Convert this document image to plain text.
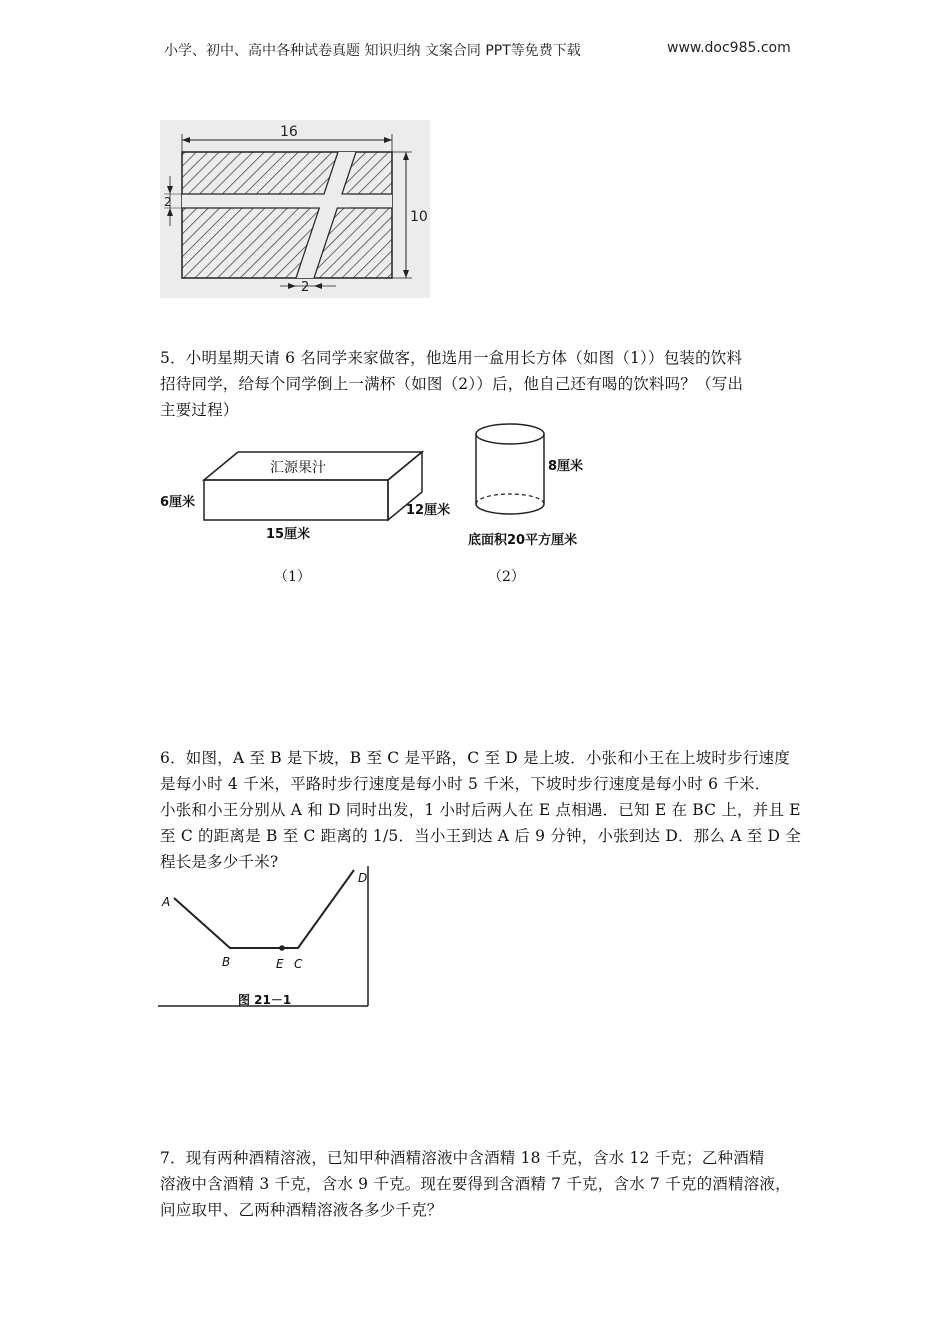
小学、初中、高中各种试卷真题 知识归纳 文案合同 PPT等免费下载	www.doc985.com
16
10
2
2
5．小明星期天请 6 名同学来家做客，他选用一盒用长方体（如图（1））包装的饮料
招待同学，给每个同学倒上一满杯（如图（2））后，他自己还有喝的饮料吗？（写出
主要过程）
汇源果汁
6厘米
15厘米
12厘米
（1）
8厘米
底面积20平方厘米
（2）
6．如图，A 至 B 是下坡，B 至 C 是平路，C 至 D 是上坡．小张和小王在上坡时步行速度
是每小时 4 千米，平路时步行速度是每小时 5 千米，下坡时步行速度是每小时 6 千米．
小张和小王分别从 A 和 D 同时出发，1 小时后两人在 E 点相遇．已知 E 在 BC 上，并且 E
至 C 的距离是 B 至 C 距离的 1/5．当小王到达 A 后 9 分钟，小张到达 D．那么 A 至 D 全
程长是多少千米?
A
B	E C
D
图 21－1
7．现有两种酒精溶液，已知甲种酒精溶液中含酒精 18 千克，含水 12 千克；乙种酒精
溶液中含酒精 3 千克，含水 9 千克。现在要得到含酒精 7 千克，含水 7 千克的酒精溶液，
问应取甲、乙两种酒精溶液各多少千克？
